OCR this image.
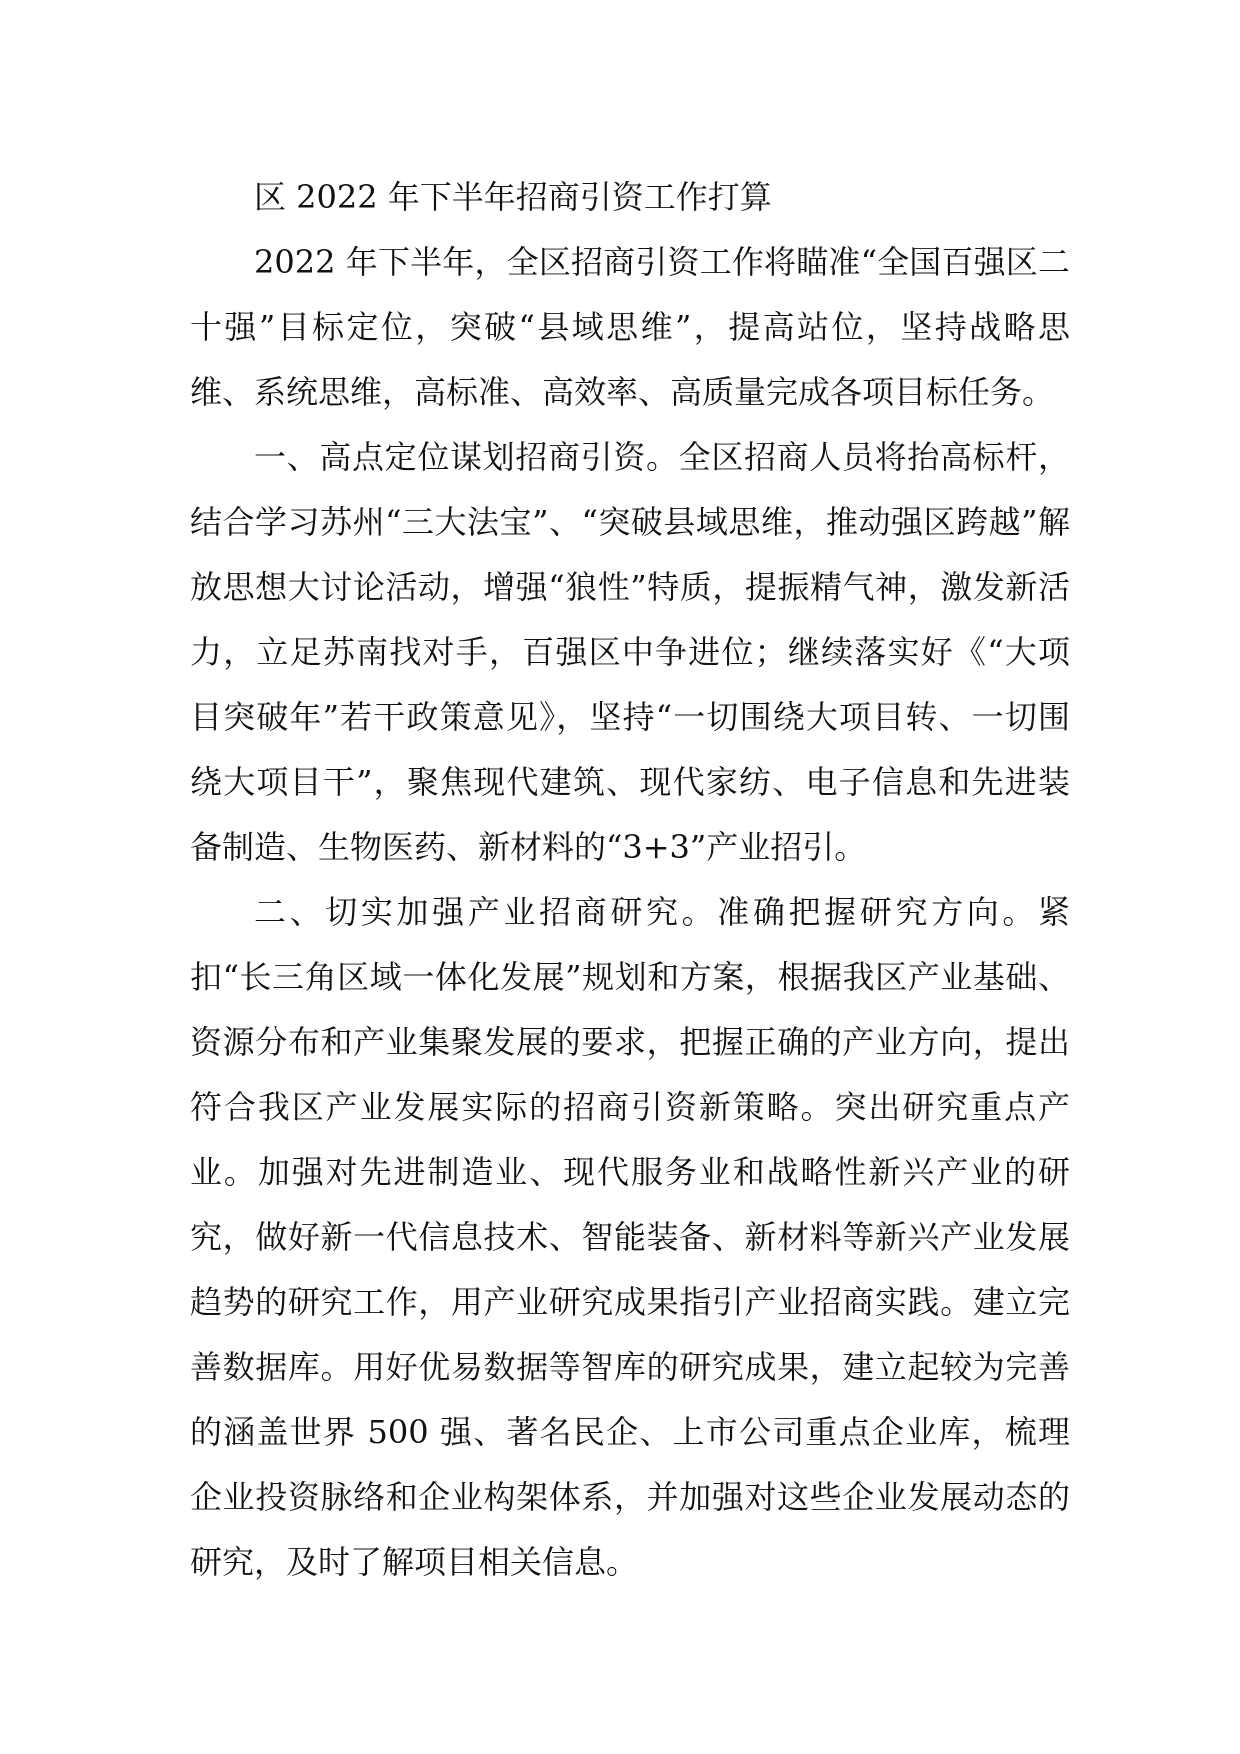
区 2022 年下半年招商引资工作打算

2022 年下半年，全区招商引资工作将瞄准“全国百强区二十强”目标定位，突破“县域思维”，提高站位，坚持战略思维、系统思维，高标准、高效率、高质量完成各项目标任务。

一、高点定位谋划招商引资。全区招商人员将抬高标杆，结合学习苏州“三大法宝”、“突破县域思维，推动强区跨越”解放思想大讨论活动，增强“狼性”特质，提振精气神，激发新活力，立足苏南找对手，百强区中争进位；继续落实好《“大项目突破年”若干政策意见》，坚持“一切围绕大项目转、一切围绕大项目干”，聚焦现代建筑、现代家纺、电子信息和先进装备制造、生物医药、新材料的“3+3”产业招引。

二、切实加强产业招商研究。准确把握研究方向。紧扣“长三角区域一体化发展”规划和方案，根据我区产业基础、资源分布和产业集聚发展的要求，把握正确的产业方向，提出符合我区产业发展实际的招商引资新策略。突出研究重点产业。加强对先进制造业、现代服务业和战略性新兴产业的研究，做好新一代信息技术、智能装备、新材料等新兴产业发展趋势的研究工作，用产业研究成果指引产业招商实践。建立完善数据库。用好优易数据等智库的研究成果，建立起较为完善的涵盖世界 500 强、著名民企、上市公司重点企业库，梳理企业投资脉络和企业构架体系，并加强对这些企业发展动态的研究，及时了解项目相关信息。
